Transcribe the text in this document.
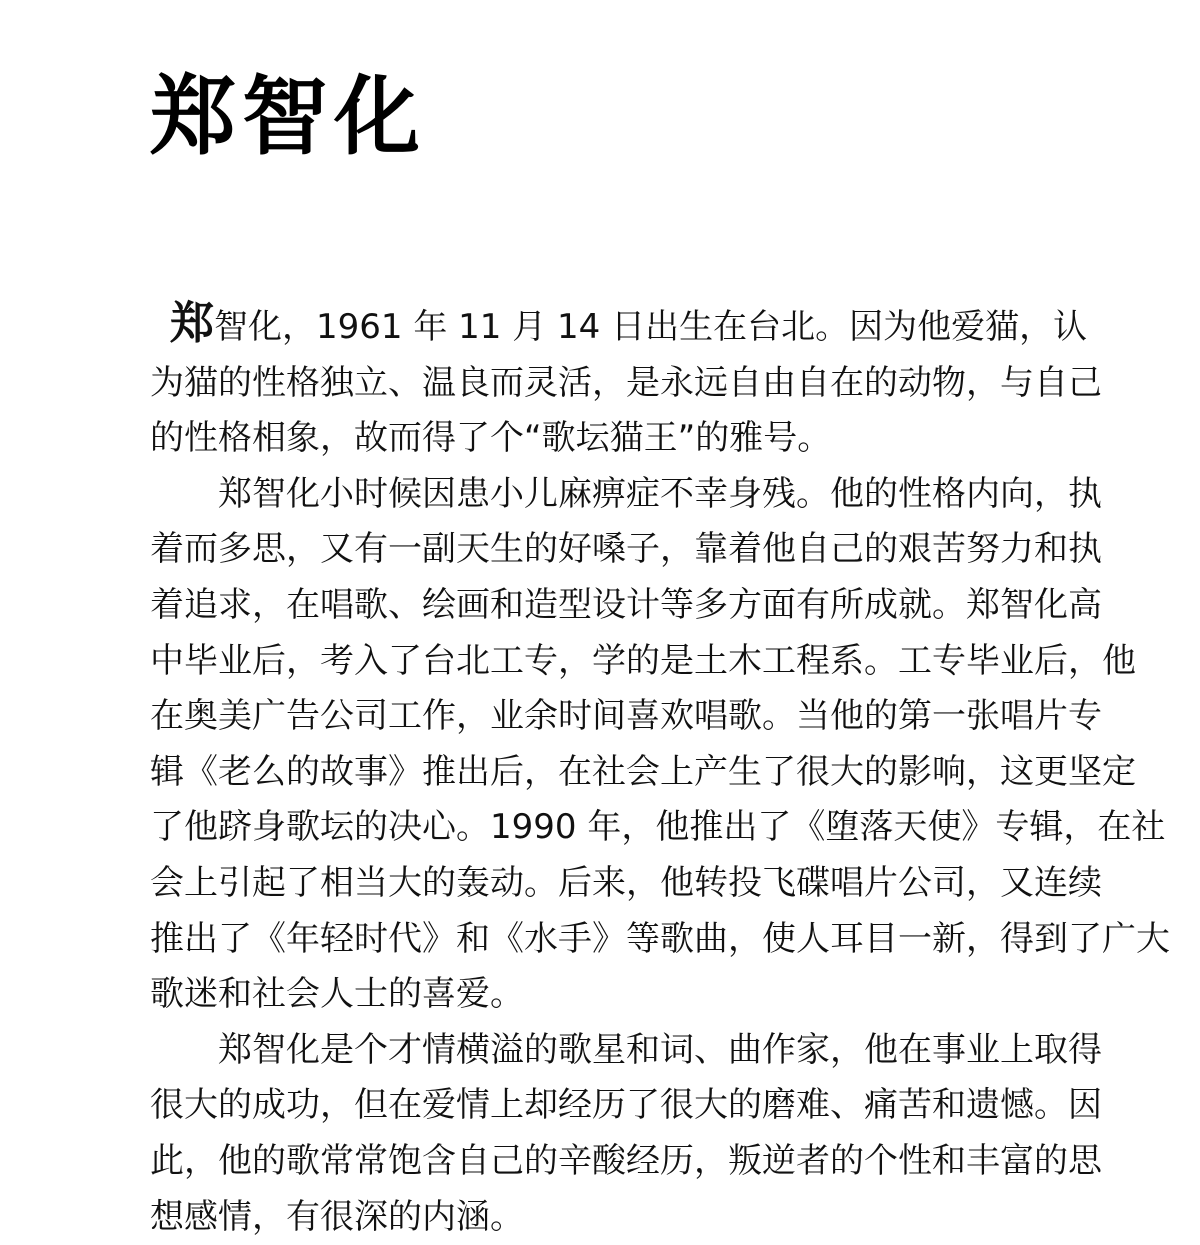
郑智化

郑智化，1961 年 11 月 14 日出生在台北。因为他爱猫，认
为猫的性格独立、温良而灵活，是永远自由自在的动物，与自己
的性格相象，故而得了个“歌坛猫王”的雅号。

郑智化小时候因患小儿麻痹症不幸身残。他的性格内向，执
着而多思，又有一副天生的好嗓子，靠着他自己的艰苦努力和执
着追求，在唱歌、绘画和造型设计等多方面有所成就。郑智化高
中毕业后，考入了台北工专，学的是土木工程系。工专毕业后，他
在奥美广告公司工作，业余时间喜欢唱歌。当他的第一张唱片专
辑《老么的故事》推出后，在社会上产生了很大的影响，这更坚定
了他跻身歌坛的决心。1990 年，他推出了《堕落天使》专辑，在社
会上引起了相当大的轰动。后来，他转投飞碟唱片公司，又连续
推出了《年轻时代》和《水手》等歌曲，使人耳目一新，得到了广大
歌迷和社会人士的喜爱。

郑智化是个才情横溢的歌星和词、曲作家，他在事业上取得
很大的成功，但在爱情上却经历了很大的磨难、痛苦和遗憾。因
此，他的歌常常饱含自己的辛酸经历，叛逆者的个性和丰富的思
想感情，有很深的内涵。
